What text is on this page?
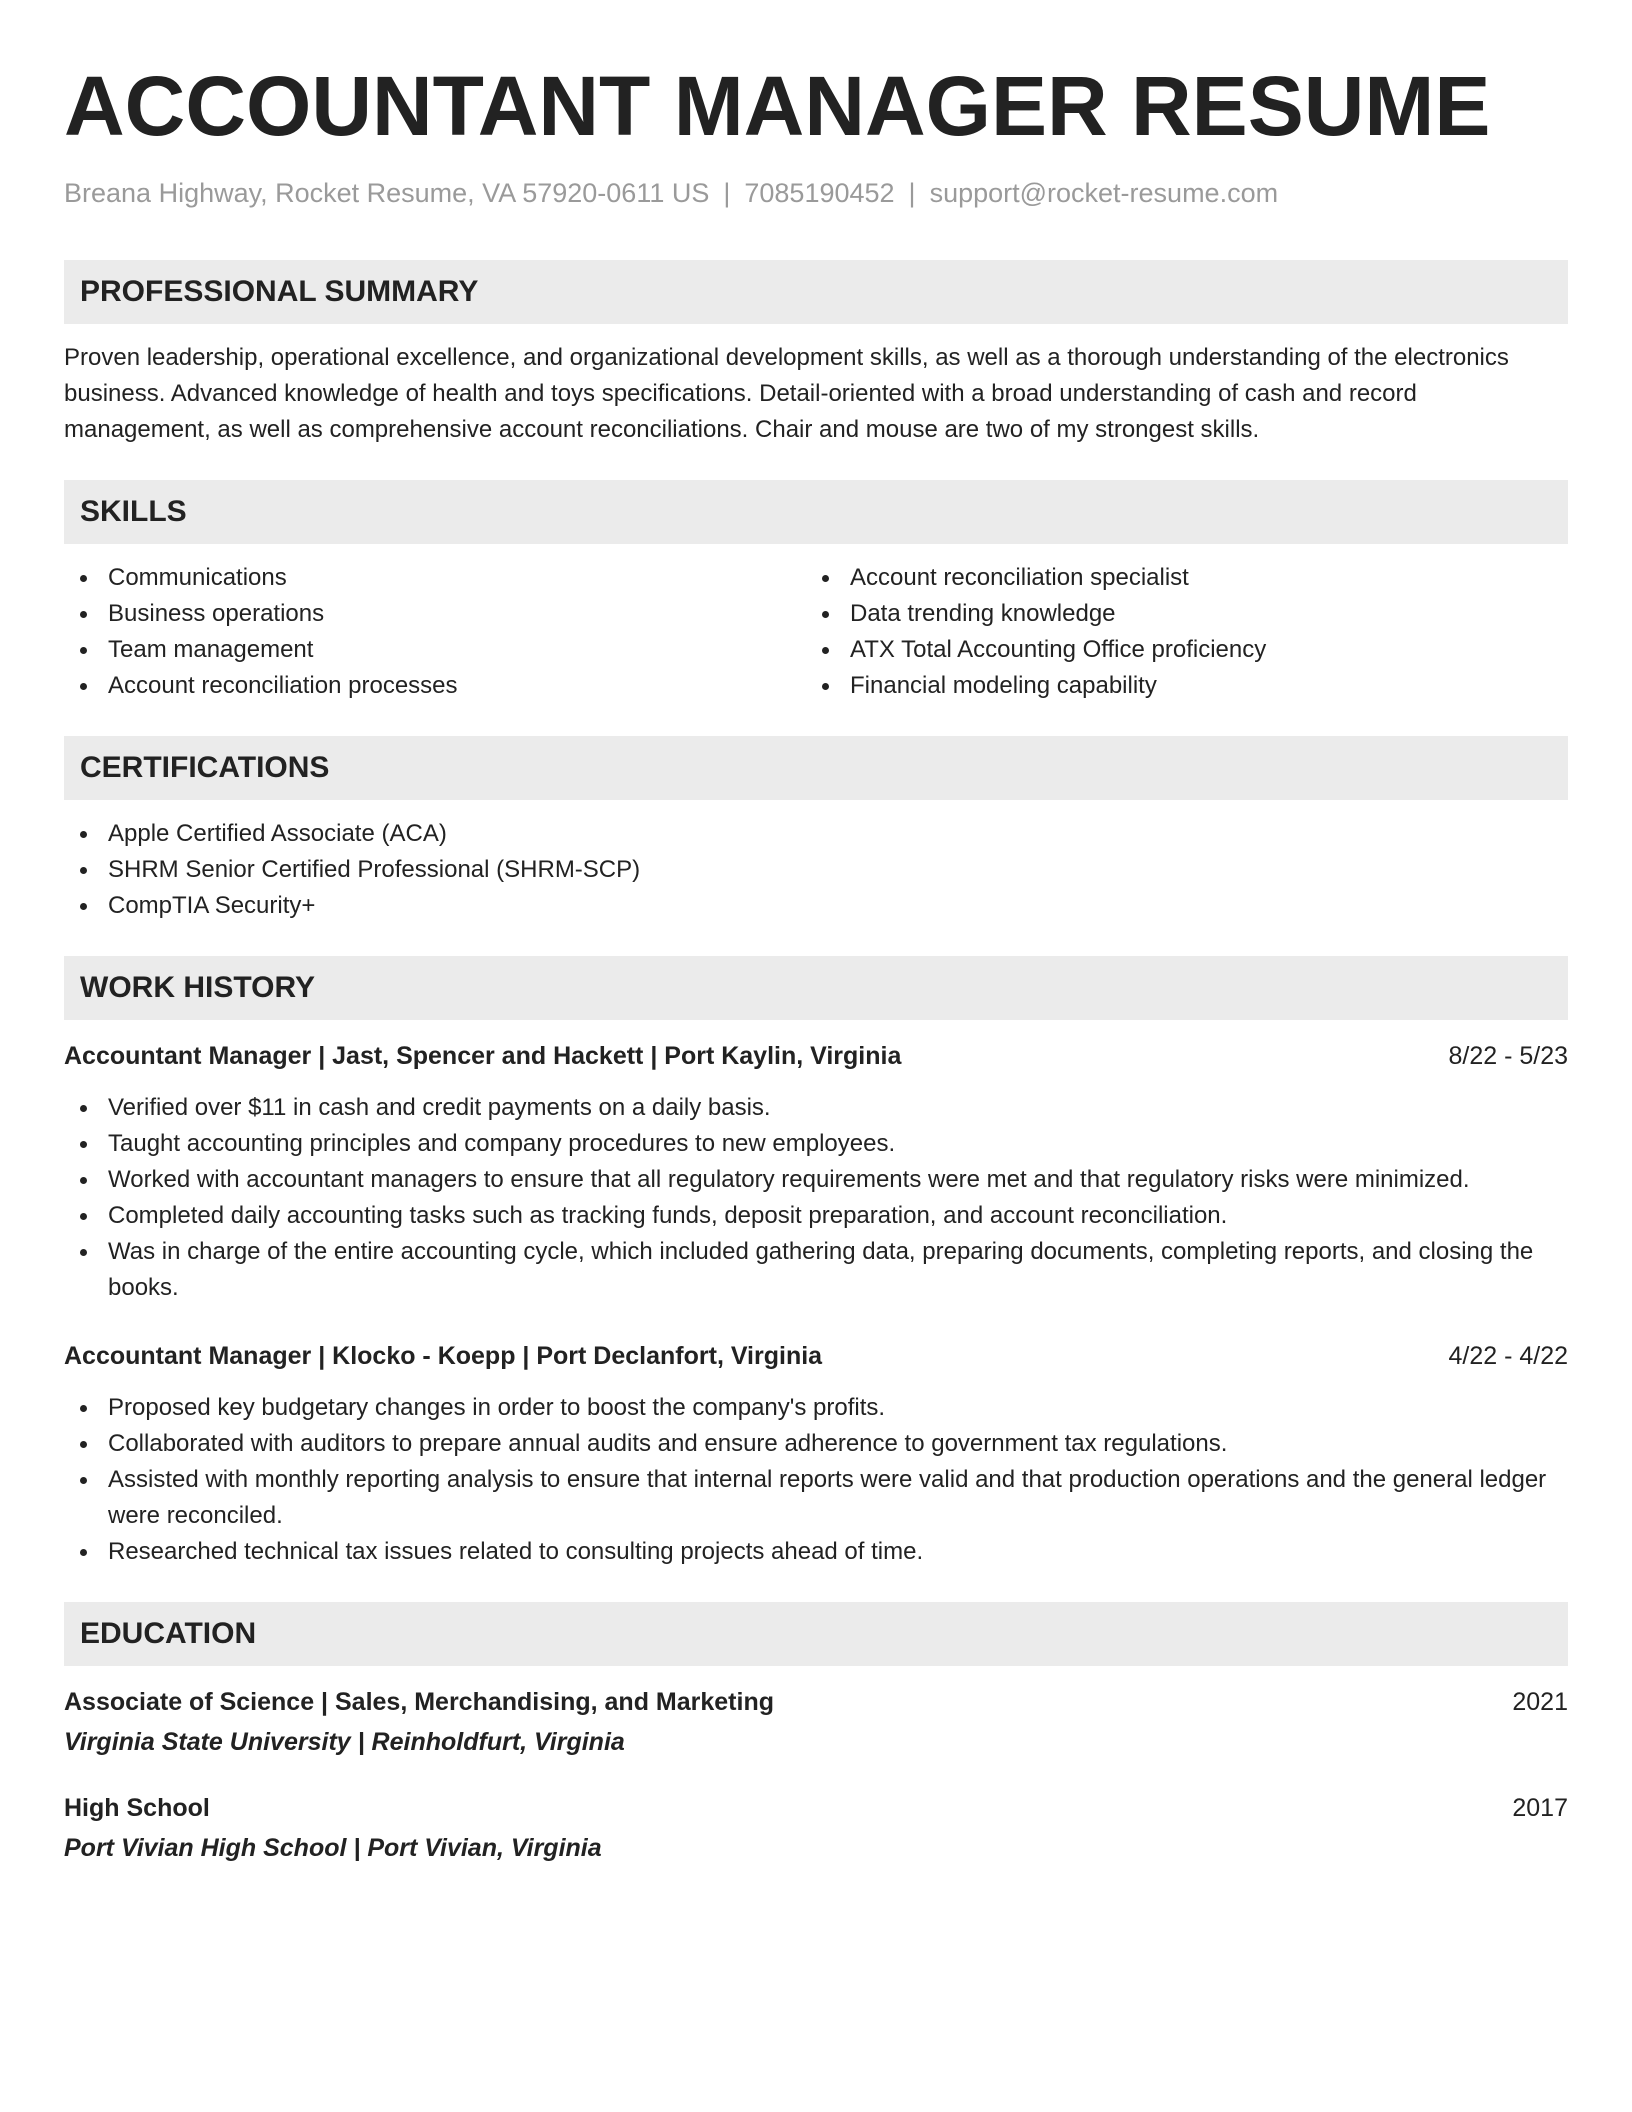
ACCOUNTANT MANAGER RESUME
Breana Highway, Rocket Resume, VA 57920-0611 US | 7085190452 | support@rocket-resume.com
PROFESSIONAL SUMMARY

Proven leadership, operational excellence, and organizational development skills, as well as a thorough understanding of the electronics business. Advanced knowledge of health and toys specifications. Detail-oriented with a broad understanding of cash and record management, as well as comprehensive account reconciliations. Chair and mouse are two of my strongest skills.

SKILLS
Communications
Business operations
Team management
Account reconciliation processes
Account reconciliation specialist
Data trending knowledge
ATX Total Accounting Office proficiency
Financial modeling capability
CERTIFICATIONS
Apple Certified Associate (ACA)
SHRM Senior Certified Professional (SHRM-SCP)
CompTIA Security+
WORK HISTORY
Accountant Manager | Jast, Spencer and Hackett | Port Kaylin, Virginia	8/22 - 5/23
Verified over $11 in cash and credit payments on a daily basis.
Taught accounting principles and company procedures to new employees.
Worked with accountant managers to ensure that all regulatory requirements were met and that regulatory risks were minimized.
Completed daily accounting tasks such as tracking funds, deposit preparation, and account reconciliation.
Was in charge of the entire accounting cycle, which included gathering data, preparing documents, completing reports, and closing the books.
Accountant Manager | Klocko - Koepp | Port Declanfort, Virginia	4/22 - 4/22
Proposed key budgetary changes in order to boost the company's profits.
Collaborated with auditors to prepare annual audits and ensure adherence to government tax regulations.
Assisted with monthly reporting analysis to ensure that internal reports were valid and that production operations and the general ledger were reconciled.
Researched technical tax issues related to consulting projects ahead of time.
EDUCATION
Associate of Science | Sales, Merchandising, and Marketing	2021
Virginia State University | Reinholdfurt, Virginia
High School	2017
Port Vivian High School | Port Vivian, Virginia
